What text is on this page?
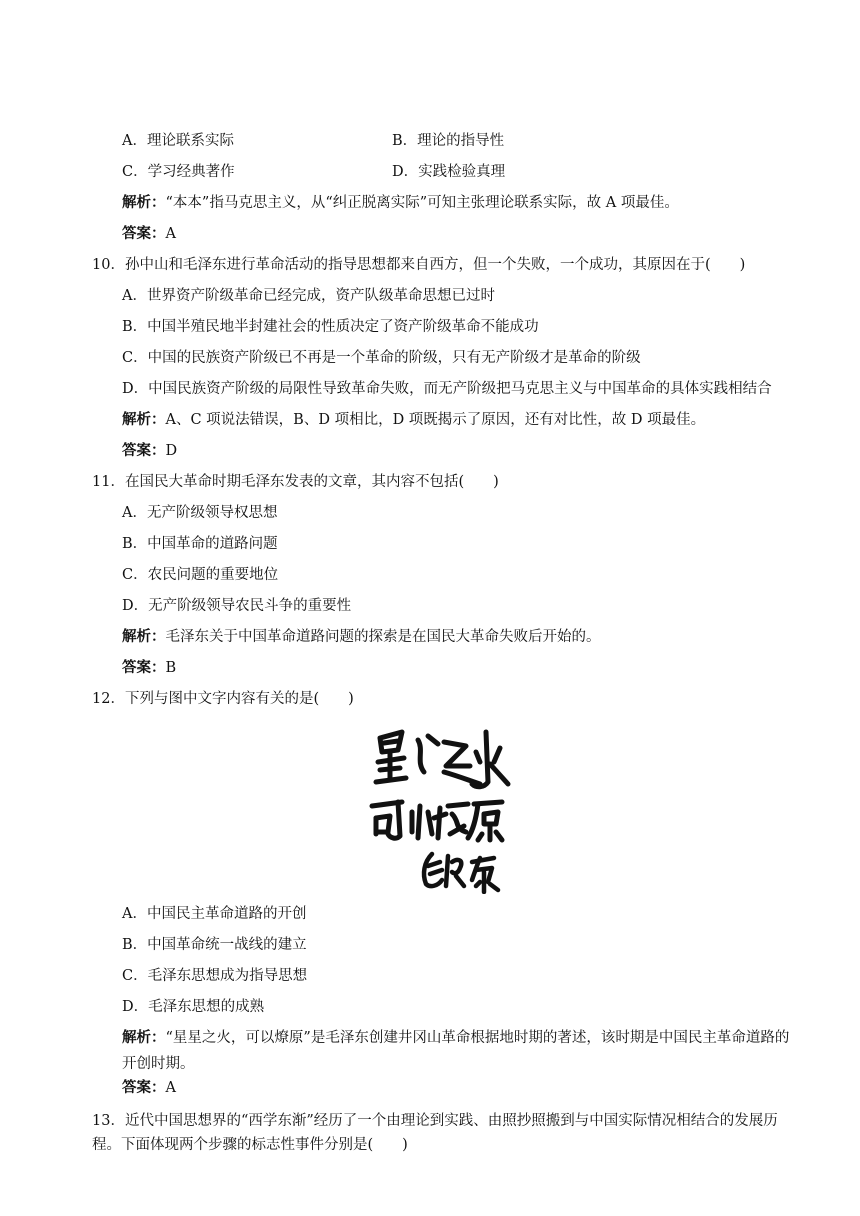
A．理论联系实际	B．理论的指导性
C．学习经典著作	D．实践检验真理
解析：“本本”指马克思主义，从“纠正脱离实际”可知主张理论联系实际，故 A 项最佳。
答案：A
10．孙中山和毛泽东进行革命活动的指导思想都来自西方，但一个失败，一个成功，其原因在于(　　)
A．世界资产阶级革命已经完成，资产队级革命思想已过时
B．中国半殖民地半封建社会的性质决定了资产阶级革命不能成功
C．中国的民族资产阶级已不再是一个革命的阶级，只有无产阶级才是革命的阶级
D．中国民族资产阶级的局限性导致革命失败，而无产阶级把马克思主义与中国革命的具体实践相结合
解析：A、C 项说法错误，B、D 项相比，D 项既揭示了原因，还有对比性，故 D 项最佳。
答案：D
11．在国民大革命时期毛泽东发表的文章，其内容不包括(　　)
A．无产阶级领导权思想
B．中国革命的道路问题
C．农民问题的重要地位
D．无产阶级领导农民斗争的重要性
解析：毛泽东关于中国革命道路问题的探索是在国民大革命失败后开始的。
答案：B
12．下列与图中文字内容有关的是(　　)
A．中国民主革命道路的开创
B．中国革命统一战线的建立
C．毛泽东思想成为指导思想
D．毛泽东思想的成熟
解析：“星星之火，可以燎原”是毛泽东创建井冈山革命根据地时期的著述，该时期是中国民主革命道路的开创时期。
答案：A
13．近代中国思想界的“西学东渐”经历了一个由理论到实践、由照抄照搬到与中国实际情况相结合的发展历程。下面体现两个步骤的标志性事件分别是(　　)
